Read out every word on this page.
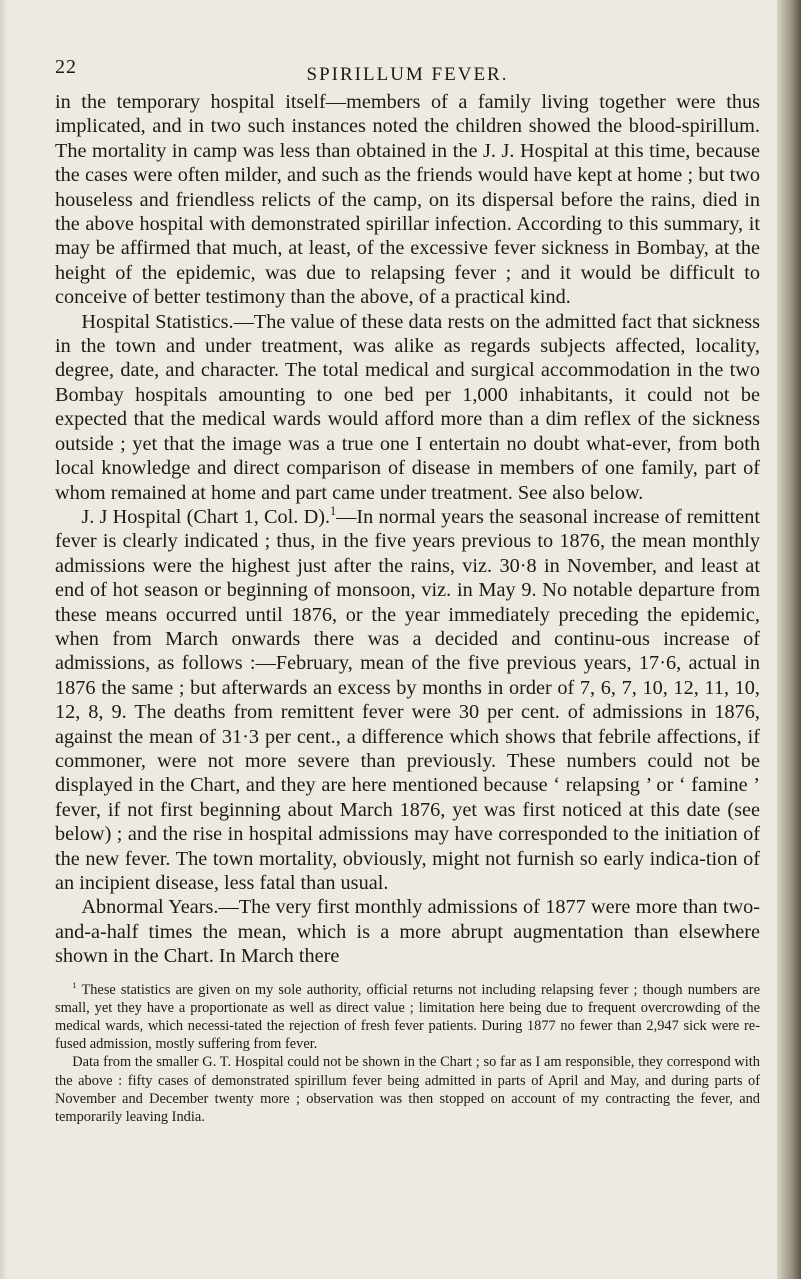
22	SPIRILLUM FEVER.

in the temporary hospital itself—members of a family living together were thus implicated, and in two such instances noted the children showed the blood-spirillum. The mortality in camp was less than obtained in the J. J. Hospital at this time, because the cases were often milder, and such as the friends would have kept at home ; but two houseless and friendless relicts of the camp, on its dispersal before the rains, died in the above hospital with demonstrated spirillar infection. According to this summary, it may be affirmed that much, at least, of the excessive fever sickness in Bombay, at the height of the epidemic, was due to relapsing fever ; and it would be difficult to conceive of better testimony than the above, of a practical kind.

Hospital Statistics.—The value of these data rests on the admitted fact that sickness in the town and under treatment, was alike as regards subjects affected, locality, degree, date, and character. The total medical and surgical accommodation in the two Bombay hospitals amounting to one bed per 1,000 inhabitants, it could not be expected that the medical wards would afford more than a dim reflex of the sickness outside ; yet that the image was a true one I entertain no doubt what-ever, from both local knowledge and direct comparison of disease in members of one family, part of whom remained at home and part came under treatment. See also below.

J. J Hospital (Chart 1, Col. D).$^1$—In normal years the seasonal increase of remittent fever is clearly indicated ; thus, in the five years previous to 1876, the mean monthly admissions were the highest just after the rains, viz. 30·8 in November, and least at end of hot season or beginning of monsoon, viz. in May 9. No notable departure from these means occurred until 1876, or the year immediately preceding the epidemic, when from March onwards there was a decided and continu-ous increase of admissions, as follows :—February, mean of the five previous years, 17·6, actual in 1876 the same ; but afterwards an excess by months in order of 7, 6, 7, 10, 12, 11, 10, 12, 8, 9. The deaths from remittent fever were 30 per cent. of admissions in 1876, against the mean of 31·3 per cent., a difference which shows that febrile affections, if commoner, were not more severe than previously. These numbers could not be displayed in the Chart, and they are here mentioned because ‘ relapsing ’ or ‘ famine ’ fever, if not first beginning about March 1876, yet was first noticed at this date (see below) ; and the rise in hospital admissions may have corresponded to the initiation of the new fever. The town mortality, obviously, might not furnish so early indica-tion of an incipient disease, less fatal than usual.

Abnormal Years.—The very first monthly admissions of 1877 were more than two-and-a-half times the mean, which is a more abrupt augmentation than elsewhere shown in the Chart. In March there

$^1$ These statistics are given on my sole authority, official returns not including relapsing fever ; though numbers are small, yet they have a proportionate as well as direct value ; limitation here being due to frequent overcrowding of the medical wards, which necessi-tated the rejection of fresh fever patients. During 1877 no fewer than 2,947 sick were re-fused admission, mostly suffering from fever.

Data from the smaller G. T. Hospital could not be shown in the Chart ; so far as I am responsible, they correspond with the above : fifty cases of demonstrated spirillum fever being admitted in parts of April and May, and during parts of November and December twenty more ; observation was then stopped on account of my contracting the fever, and temporarily leaving India.
